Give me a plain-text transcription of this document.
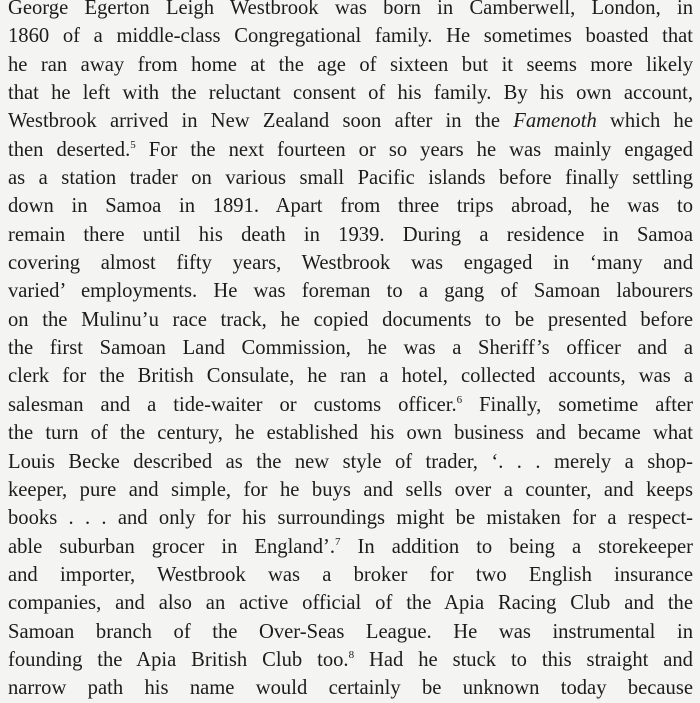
George Egerton Leigh Westbrook was born in Camberwell, London, in
1860 of a middle-class Congregational family. He sometimes boasted that
he ran away from home at the age of sixteen but it seems more likely
that he left with the reluctant consent of his family. By his own account,
Westbrook arrived in New Zealand soon after in the Famenoth which he
then deserted.$^5$ For the next fourteen or so years he was mainly engaged
as a station trader on various small Pacific islands before finally settling
down in Samoa in 1891. Apart from three trips abroad, he was to
remain there until his death in 1939. During a residence in Samoa
covering almost fifty years, Westbrook was engaged in ‘many and
varied’ employments. He was foreman to a gang of Samoan labourers
on the Mulinu’u race track, he copied documents to be presented before
the first Samoan Land Commission, he was a Sheriff’s officer and a
clerk for the British Consulate, he ran a hotel, collected accounts, was a
salesman and a tide-waiter or customs officer.$^6$ Finally, sometime after
the turn of the century, he established his own business and became what
Louis Becke described as the new style of trader, ‘. . . merely a shop-
keeper, pure and simple, for he buys and sells over a counter, and keeps
books . . . and only for his surroundings might be mistaken for a respect-
able suburban grocer in England’.$^7$ In addition to being a storekeeper
and importer, Westbrook was a broker for two English insurance
companies, and also an active official of the Apia Racing Club and the
Samoan branch of the Over-Seas League. He was instrumental in
founding the Apia British Club too.$^8$ Had he stuck to this straight and
narrow path his name would certainly be unknown today because
